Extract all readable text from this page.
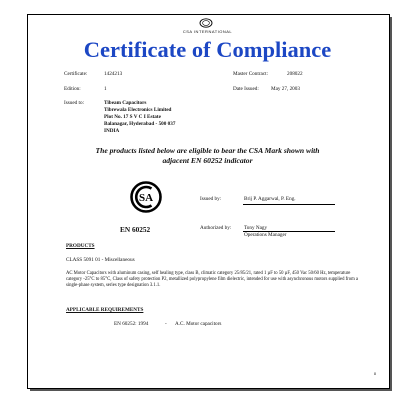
CSA INTERNATIONAL
Certificate of Compliance
Certificate:	1424213	Master Contract:	208022
Edition:	1	Date Issued: May 27, 2003
Issued to:	Tibeam Capacitors
Tibrewala Electronics Limited
Plot No. 17 S V C I Estate
Balanagar, Hyderabad - 500 037
INDIA
The products listed below are eligible to bear the CSA Mark shown with
adjacent EN 60252 indicator
SA
EN 60252
Issued by:	Brij P. Aggarwal, P. Eng.
Authorized by: Tony Nagy
Operations Manager
PRODUCTS
CLASS 5091 01 - Miscellaneous
AC Motor Capacitors with aluminum casing, self healing type, class B, climatic category 25/85/21, rated 1 µF to 50 µF, 450 Vac 50/60 Hz, temperature category -25°C to 85°C, Class of safety protection P2, metallized polypropylene film dielectric, intended for use with asynchronous motors supplied from a single-phase system, series type designation 3.1.1.
APPLICABLE REQUIREMENTS
EN 60252: 1994	- A.C. Motor capacitors
8
